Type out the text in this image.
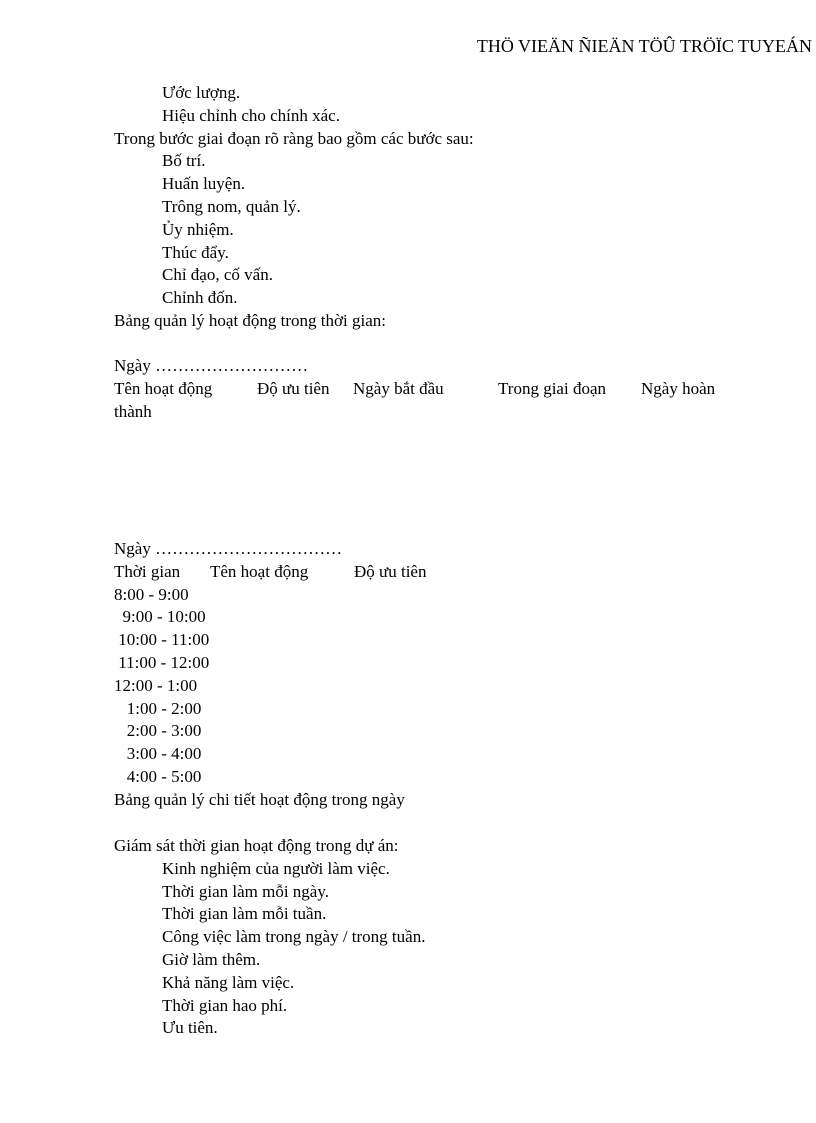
THÖ VIEÄN ÑIEÄN TÖÛ TRÖÏC TUYEÁN
Ước lượng.
Hiệu chỉnh cho chính xác.
Trong bước giai đoạn rõ ràng bao gồm các bước sau:
Bố trí.
Huấn luyện.
Trông nom, quản lý.
Ủy nhiệm.
Thúc đẩy.
Chỉ đạo, cố vấn.
Chỉnh đốn.
Bảng quản lý hoạt động trong thời gian:
Ngày ………………………
Tên hoạt động	Độ ưu tiên Ngày bắt đầu	Trong giai đoạn Ngày hoàn
thành
Ngày ……………………………
Thời gian Tên hoạt động	Độ ưu tiên
8:00 - 9:00
9:00 - 10:00
10:00 - 11:00
11:00 - 12:00
12:00 - 1:00
1:00 - 2:00
2:00 - 3:00
3:00 - 4:00
4:00 - 5:00
Bảng quản lý chi tiết hoạt động trong ngày
Giám sát thời gian hoạt động trong dự án:
Kinh nghiệm của người làm việc.
Thời gian làm mỗi ngày.
Thời gian làm mỗi tuần.
Công việc làm trong ngày / trong tuần.
Giờ làm thêm.
Khả năng làm việc.
Thời gian hao phí.
Ưu tiên.
